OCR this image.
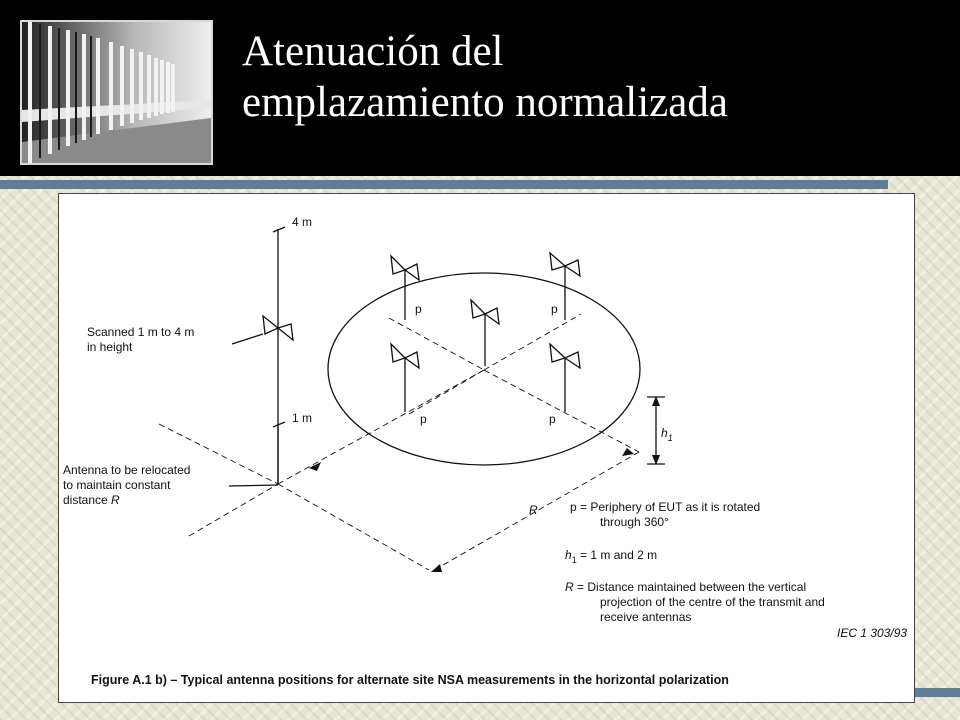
Atenuación del
emplazamiento normalizada
4 m
1 m
Scanned 1 m to 4 m
in height
Antenna to be relocated
to maintain constant
distance R
p	p
p	p
$h_1$
R	p = Periphery of EUT as it is rotated
through 360°
$h_1 = 1$ m and 2 m
R = Distance maintained between the vertical
projection of the centre of the transmit and
receive antennas
IEC 1 303/93
Figure A.1 b) – Typical antenna positions for alternate site NSA measurements in the horizontal polarization
